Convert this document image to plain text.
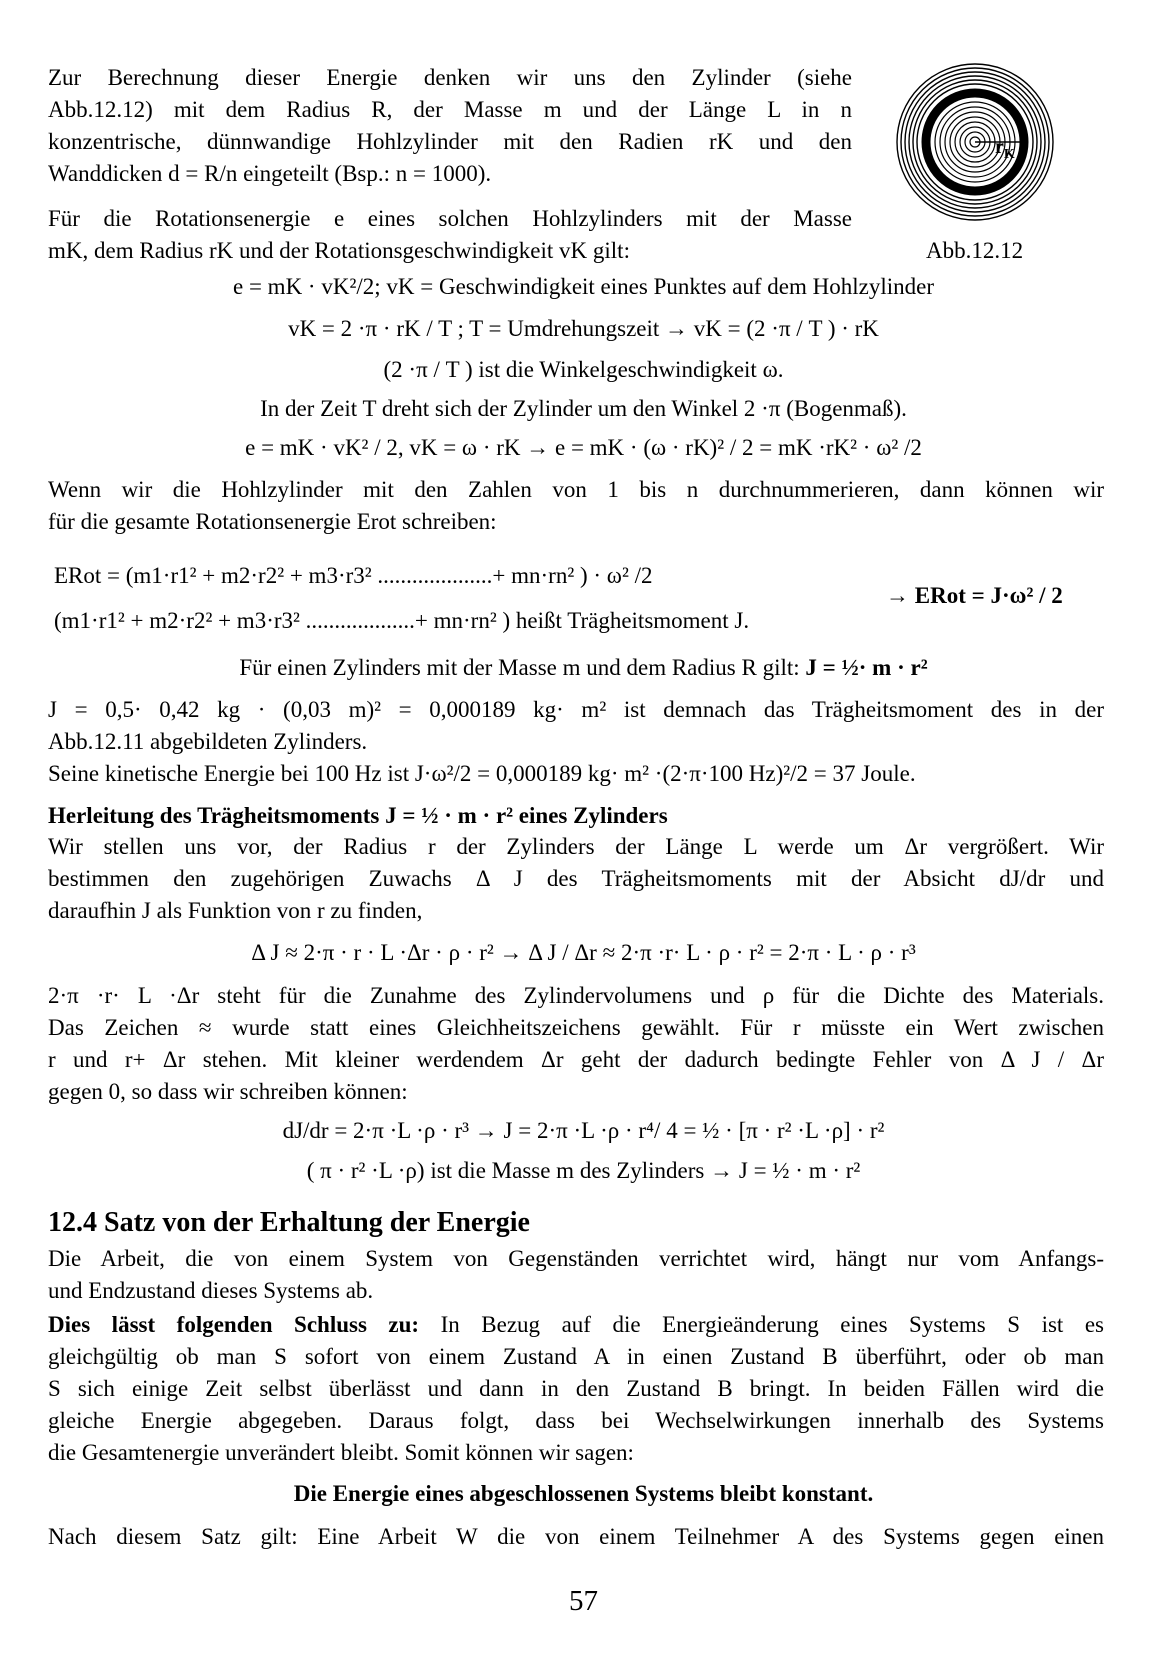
Zur Berechnung dieser Energie denken wir uns den Zylinder (siehe
Abb.12.12) mit dem Radius R, der Masse m und der Länge L in n
konzentrische, dünnwandige Hohlzylinder mit den Radien rK und den
Wanddicken d = R/n eingeteilt (Bsp.: n = 1000).
Für die Rotationsenergie e eines solchen Hohlzylinders mit der Masse
mK, dem Radius rK und der Rotationsgeschwindigkeit vK gilt:
$r_K$
Abb.12.12
e = mK · vK²/2; vK = Geschwindigkeit eines Punktes auf dem Hohlzylinder
vK = 2 ·π · rK / T ; T = Umdrehungszeit → vK = (2 ·π / T ) · rK
(2 ·π / T ) ist die Winkelgeschwindigkeit ω.
In der Zeit T dreht sich der Zylinder um den Winkel 2 ·π (Bogenmaß).
e = mK · vK² / 2, vK = ω · rK → e = mK · (ω · rK)² / 2 = mK ·rK² · ω² /2
Wenn wir die Hohlzylinder mit den Zahlen von 1 bis n durchnummerieren, dann können wir
für die gesamte Rotationsenergie Erot schreiben:
ERot = (m1·r1² + m2·r2² + m3·r3² ....................+ mn·rn² ) · ω² /2
(m1·r1² + m2·r2² + m3·r3² ...................+ mn·rn² ) heißt Trägheitsmoment J.
→ ERot = J·ω² / 2
Für einen Zylinders mit der Masse m und dem Radius R gilt: J = ½· m · r²
J = 0,5· 0,42 kg · (0,03 m)² = 0,000189 kg· m² ist demnach das Trägheitsmoment des in der
Abb.12.11 abgebildeten Zylinders.
Seine kinetische Energie bei 100 Hz ist J·ω²/2 = 0,000189 kg· m² ·(2·π·100 Hz)²/2 = 37 Joule.
Herleitung des Trägheitsmoments J = ½ · m · r² eines Zylinders
Wir stellen uns vor, der Radius r der Zylinders der Länge L werde um Δr vergrößert. Wir
bestimmen den zugehörigen Zuwachs Δ J des Trägheitsmoments mit der Absicht dJ/dr und
daraufhin J als Funktion von r zu finden,
Δ J ≈ 2·π · r · L ·Δr · ρ · r² → Δ J / Δr ≈ 2·π ·r· L · ρ · r² = 2·π · L · ρ · r³
2·π ·r· L ·Δr steht für die Zunahme des Zylindervolumens und ρ für die Dichte des Materials.
Das Zeichen ≈ wurde statt eines Gleichheitszeichens gewählt. Für r müsste ein Wert zwischen
r und r+ Δr stehen. Mit kleiner werdendem Δr geht der dadurch bedingte Fehler von Δ J / Δr
gegen 0, so dass wir schreiben können:
dJ/dr = 2·π ·L ·ρ · r³ → J = 2·π ·L ·ρ · r⁴/ 4 = ½ · [π · r² ·L ·ρ] · r²
( π · r² ·L ·ρ) ist die Masse m des Zylinders → J = ½ · m · r²
12.4 Satz von der Erhaltung der Energie
Die Arbeit, die von einem System von Gegenständen verrichtet wird, hängt nur vom Anfangs-
und Endzustand dieses Systems ab.
Dies lässt folgenden Schluss zu: In Bezug auf die Energieänderung eines Systems S ist es
gleichgültig ob man S sofort von einem Zustand A in einen Zustand B überführt, oder ob man
S sich einige Zeit selbst überlässt und dann in den Zustand B bringt. In beiden Fällen wird die
gleiche Energie abgegeben. Daraus folgt, dass bei Wechselwirkungen innerhalb des Systems
die Gesamtenergie unverändert bleibt. Somit können wir sagen:
Die Energie eines abgeschlossenen Systems bleibt konstant.
Nach diesem Satz gilt: Eine Arbeit W die von einem Teilnehmer A des Systems gegen einen
57
